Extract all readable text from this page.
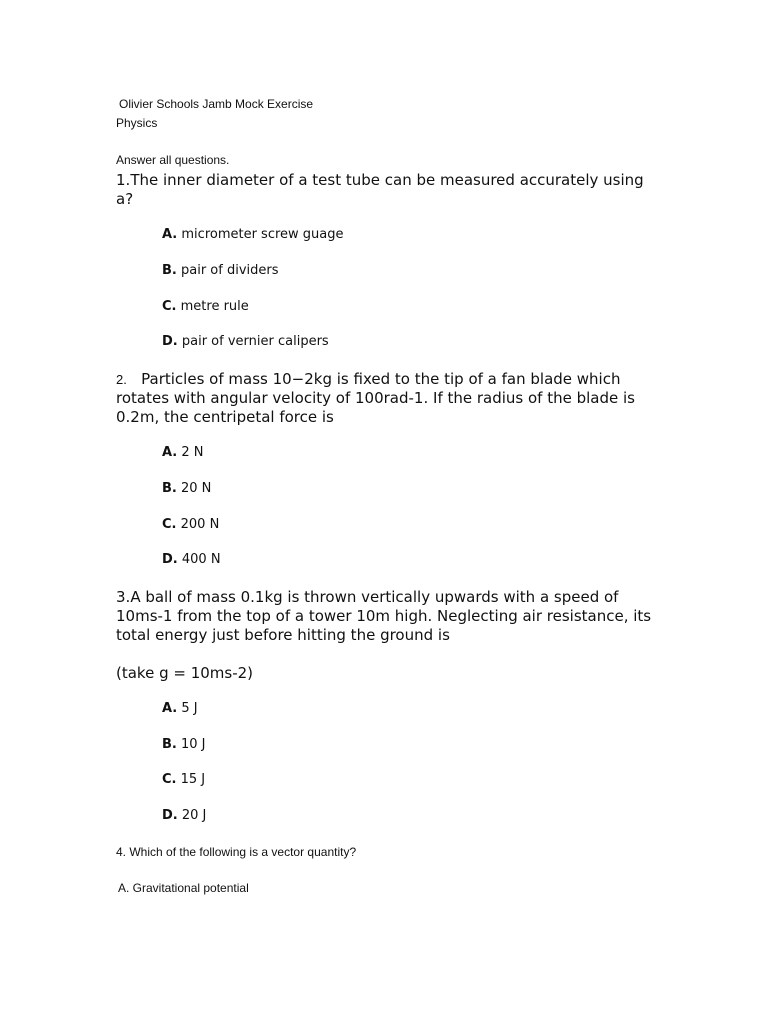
Olivier Schools Jamb Mock Exercise
Physics
Answer all questions.
1.The inner diameter of a test tube can be measured accurately using a?
A. micrometer screw guage
B. pair of dividers
C. metre rule
D. pair of vernier calipers
2. Particles of mass 10−2kg is fixed to the tip of a fan blade which rotates with angular velocity of 100rad-1. If the radius of the blade is 0.2m, the centripetal force is
A. 2 N
B. 20 N
C. 200 N
D. 400 N
3.A ball of mass 0.1kg is thrown vertically upwards with a speed of 10ms-1 from the top of a tower 10m high. Neglecting air resistance, its total energy just before hitting the ground is
(take g = 10ms-2)
A. 5 J
B. 10 J
C. 15 J
D. 20 J
4. Which of the following is a vector quantity?
A. Gravitational potential
